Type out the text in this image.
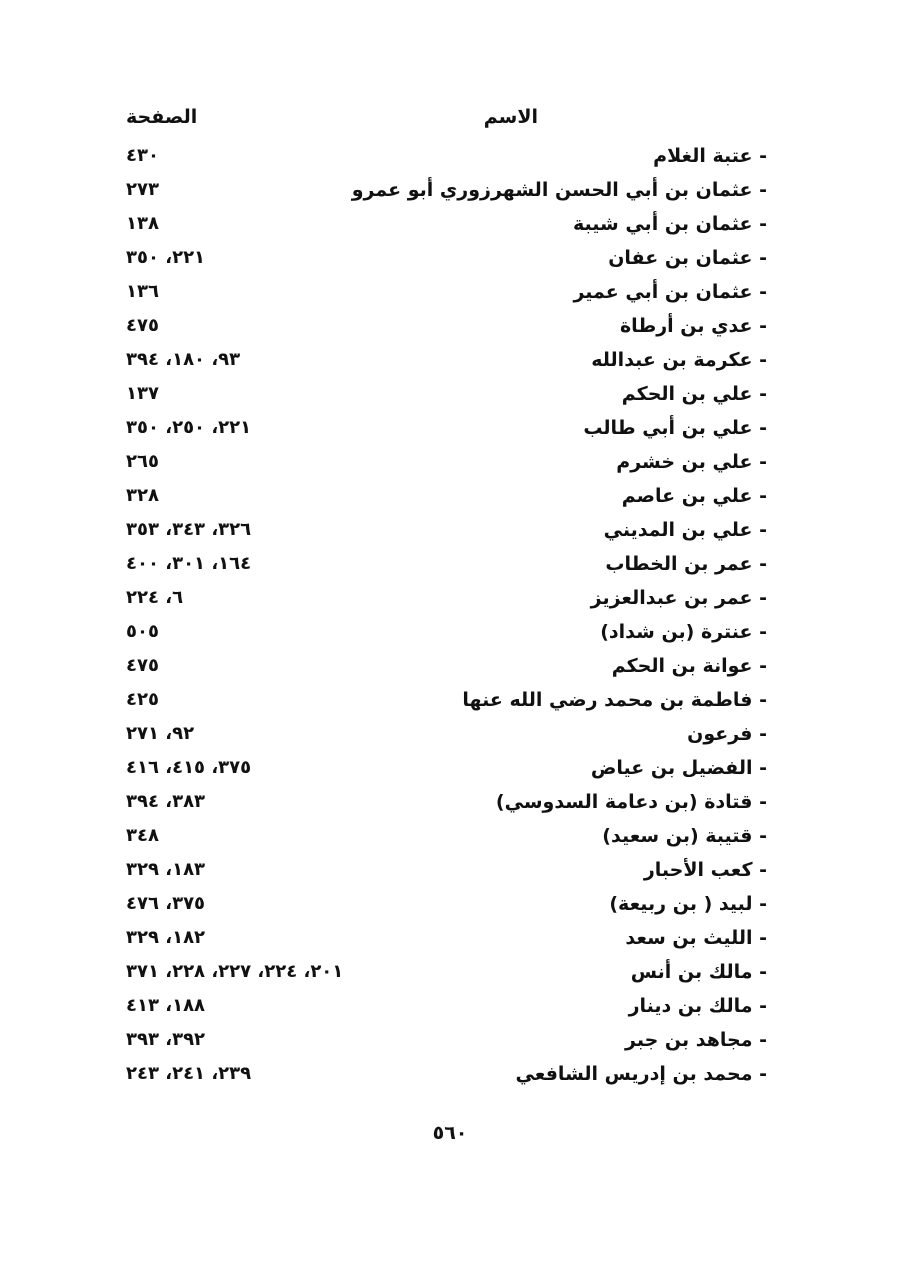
الاسم
الصفحة
- عتبة الغلام
٤٣٠
- عثمان بن أبي الحسن الشهرزوري أبو عمرو
٢٧٣
- عثمان بن أبي شيبة
١٣٨
- عثمان بن عفان
٢٢١، ٣٥٠
- عثمان بن أبي عمير
١٣٦
- عدي بن أرطاة
٤٧٥
- عكرمة بن عبدالله
٩٣، ١٨٠، ٣٩٤
- علي بن الحكم
١٣٧
- علي بن أبي طالب
٢٢١، ٢٥٠، ٣٥٠
- علي بن خشرم
٢٦٥
- علي بن عاصم
٣٢٨
- علي بن المديني
٣٢٦، ٣٤٣، ٣٥٣
- عمر بن الخطاب
١٦٤، ٣٠١، ٤٠٠
- عمر بن عبدالعزيز
٦، ٢٢٤
- عنترة (بن شداد)
٥٠٥
- عوانة بن الحكم
٤٧٥
- فاطمة بن محمد رضي الله عنها
٤٢٥
- فرعون
٩٢، ٢٧١
- الفضيل بن عياض
٣٧٥، ٤١٥، ٤١٦
- قتادة (بن دعامة السدوسي)
٣٨٣، ٣٩٤
- قتيبة (بن سعيد)
٣٤٨
- كعب الأحبار
١٨٣، ٣٢٩
- لبيد ( بن ربيعة)
٣٧٥، ٤٧٦
- الليث بن سعد
١٨٢، ٣٢٩
- مالك بن أنس
٢٠١، ٢٢٤، ٢٢٧، ٢٢٨، ٣٧١
- مالك بن دينار
١٨٨، ٤١٣
- مجاهد بن جبر
٣٩٢، ٣٩٣
- محمد بن إدريس الشافعي
٢٣٩، ٢٤١، ٢٤٣
٥٦٠
